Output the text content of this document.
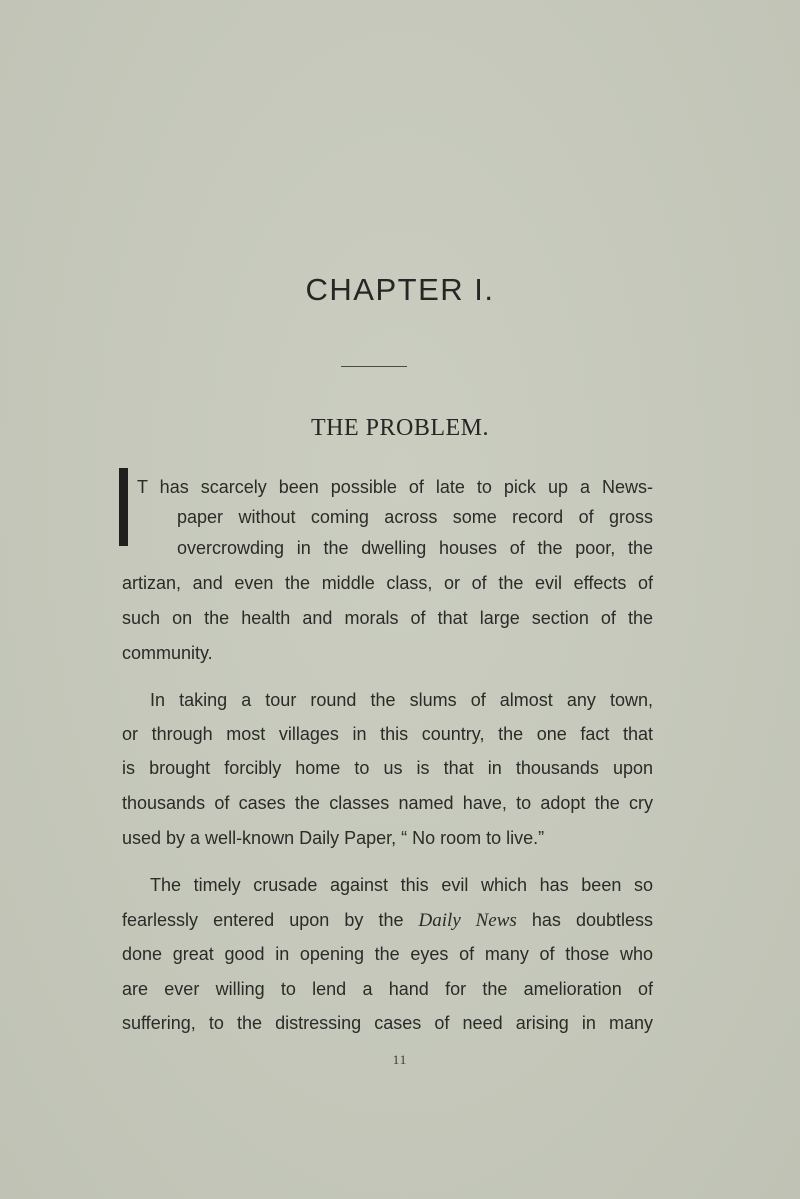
CHAPTER I.
THE PROBLEM.
T has scarcely been possible of late to pick up a News-
paper without coming across some record of gross
overcrowding in the dwelling houses of the poor, the
artizan, and even the middle class, or of the evil effects of
such on the health and morals of that large section of the
community.
In taking a tour round the slums of almost any town,
or through most villages in this country, the one fact that
is brought forcibly home to us is that in thousands upon
thousands of cases the classes named have, to adopt the cry
used by a well-known Daily Paper, “ No room to live.”
The timely crusade against this evil which has been so
fearlessly entered upon by the Daily News has doubtless
done great good in opening the eyes of many of those who
are ever willing to lend a hand for the amelioration of
suffering, to the distressing cases of need arising in many
11
